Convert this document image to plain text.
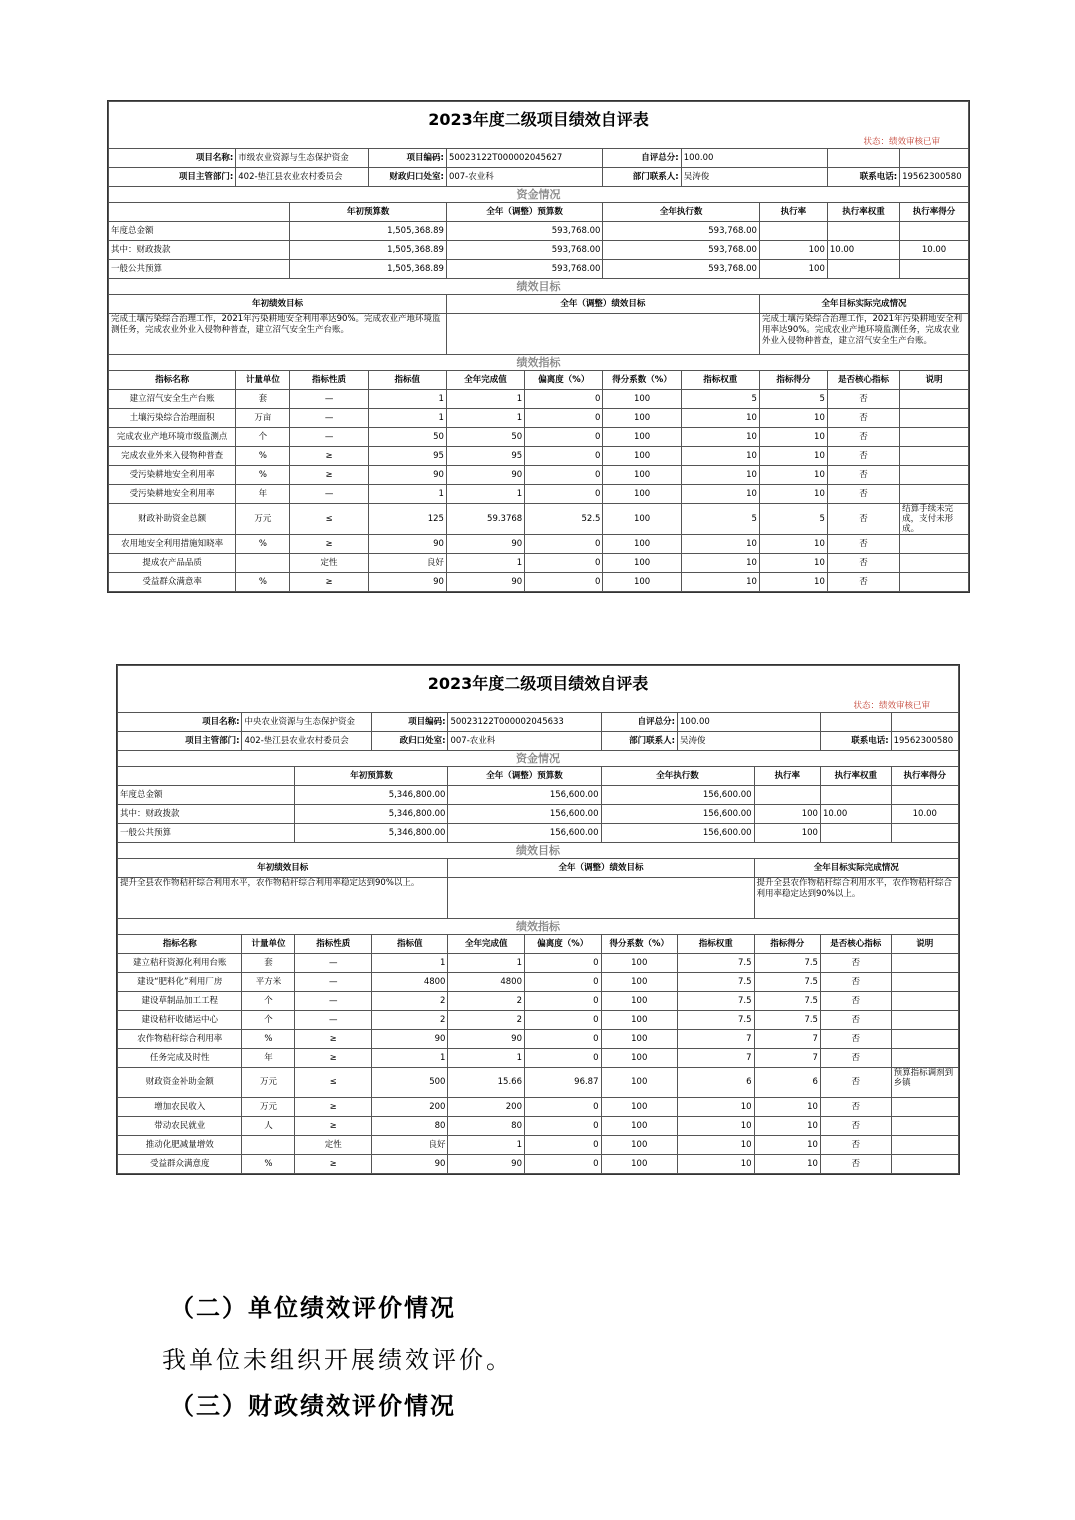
2023年度二级项目绩效自评表										
状态：绩效审核已审										
项目名称:	市级农业资源与生态保护资金		项目编码:	50023122T000002045627		自评总分:	100.00			
项目主管部门:	402-垫江县农业农村委员会		财政归口处室:	007-农业科		部门联系人:	吴涛俊		联系电话:	19562300580
资金情况										
		年初预算数		全年（调整）预算数		全年执行数		执行率	执行率权重	执行率得分
年度总金额		1,505,368.89		593,768.00		593,768.00				
其中：财政拨款		1,505,368.89		593,768.00		593,768.00		100	10.00	10.00
一般公共预算		1,505,368.89		593,768.00		593,768.00		100		
绩效目标										
年初绩效目标				全年（调整）绩效目标				全年目标实际完成情况		
完成土壤污染综合治理工作，2021年污染耕地安全利用率达90%。完成农业产地环境监测任务，完成农业外业入侵物种普查，建立沼气安全生产台账。								完成土壤污染综合治理工作，2021年污染耕地安全利用率达90%。完成农业产地环境监测任务，完成农业外业入侵物种普查，建立沼气安全生产台账。		
绩效指标										
指标名称	计量单位	指标性质	指标值	全年完成值	偏离度（%）	得分系数（%）	指标权重	指标得分	是否核心指标	说明
建立沼气安全生产台账	套	—	1	1	0	100	5	5	否	
土壤污染综合治理面积	万亩	—	1	1	0	100	10	10	否	
完成农业产地环境市级监测点	个	—	50	50	0	100	10	10	否	
完成农业外来入侵物种普查	%	≥	95	95	0	100	10	10	否	
受污染耕地安全利用率	%	≥	90	90	0	100	10	10	否	
受污染耕地安全利用率	年	—	1	1	0	100	10	10	否	
财政补助资金总额	万元	≤	125	59.3768	52.5	100	5	5	否	结算手续未完成，支付未形成。
农用地安全利用措施知晓率	%	≥	90	90	0	100	10	10	否	
提成农产品品质		定性	良好	1	0	100	10	10	否	
受益群众满意率	%	≥	90	90	0	100	10	10	否	
2023年度二级项目绩效自评表										
状态：绩效审核已审										
项目名称:	中央农业资源与生态保护资金		项目编码:	50023122T000002045633		自评总分:	100.00			
项目主管部门:	402-垫江县农业农村委员会		政归口处室:	007-农业科		部门联系人:	吴涛俊		联系电话:	19562300580
资金情况										
		年初预算数		全年（调整）预算数		全年执行数		执行率	执行率权重	执行率得分
年度总金额		5,346,800.00		156,600.00		156,600.00				
其中：财政拨款		5,346,800.00		156,600.00		156,600.00		100	10.00	10.00
一般公共预算		5,346,800.00		156,600.00		156,600.00		100		
绩效目标										
年初绩效目标				全年（调整）绩效目标				全年目标实际完成情况		
提升全县农作物秸秆综合利用水平，农作物秸秆综合利用率稳定达到90%以上。								提升全县农作物秸秆综合利用水平，农作物秸秆综合利用率稳定达到90%以上。		
绩效指标										
指标名称	计量单位	指标性质	指标值	全年完成值	偏离度（%）	得分系数（%）	指标权重	指标得分	是否核心指标	说明
建立秸秆资源化利用台账	套	—	1	1	0	100	7.5	7.5	否	
建设“肥料化”利用厂房	平方米	—	4800	4800	0	100	7.5	7.5	否	
建设草制品加工工程	个	—	2	2	0	100	7.5	7.5	否	
建设秸秆收储运中心	个	—	2	2	0	100	7.5	7.5	否	
农作物秸秆综合利用率	%	≥	90	90	0	100	7	7	否	
任务完成及时性	年	≥	1	1	0	100	7	7	否	
财政资金补助金额	万元	≤	500	15.66	96.87	100	6	6	否	预算指标调剂到乡镇
增加农民收入	万元	≥	200	200	0	100	10	10	否	
带动农民就业	人	≥	80	80	0	100	10	10	否	
推动化肥减量增效		定性	良好	1	0	100	10	10	否	
受益群众满意度	%	≥	90	90	0	100	10	10	否	
（二）单位绩效评价情况
我单位未组织开展绩效评价。
（三）财政绩效评价情况
